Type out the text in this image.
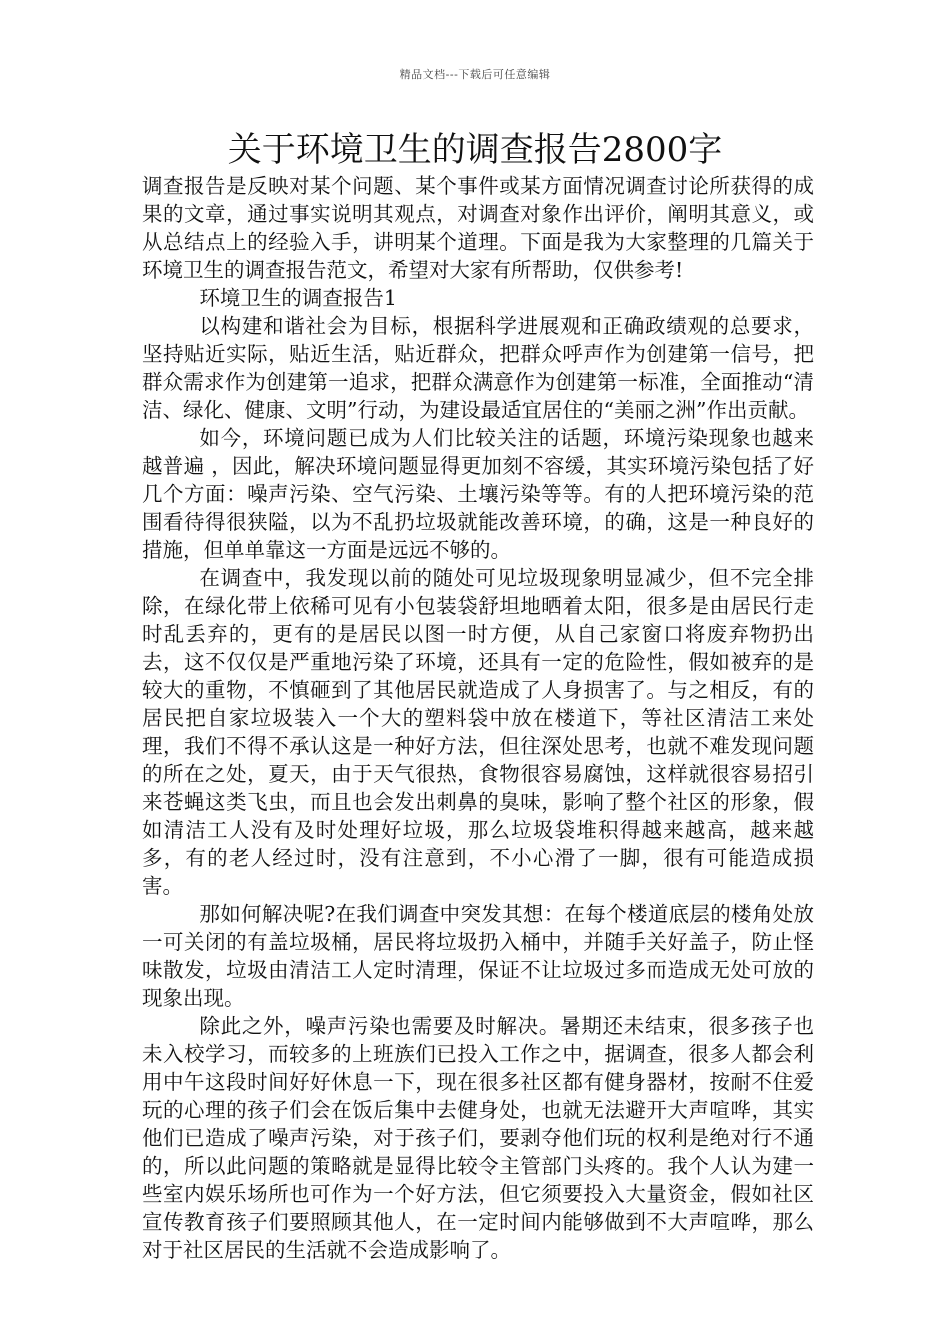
精品文档---下载后可任意编辑
关于环境卫生的调查报告2800字

调查报告是反映对某个问题、某个事件或某方面情况调查讨论所获得的成果的文章，通过事实说明其观点，对调查对象作出评价，阐明其意义，或从总结点上的经验入手，讲明某个道理。下面是我为大家整理的几篇关于环境卫生的调查报告范文，希望对大家有所帮助，仅供参考!

环境卫生的调查报告1

以构建和谐社会为目标，根据科学进展观和正确政绩观的总要求，坚持贴近实际，贴近生活，贴近群众，把群众呼声作为创建第一信号，把群众需求作为创建第一追求，把群众满意作为创建第一标准，全面推动“清洁、绿化、健康、文明”行动，为建设最适宜居住的“美丽之洲”作出贡献。

如今，环境问题已成为人们比较关注的话题，环境污染现象也越来越普遍 ，因此，解决环境问题显得更加刻不容缓，其实环境污染包括了好几个方面：噪声污染、空气污染、土壤污染等等。有的人把环境污染的范围看待得很狭隘，以为不乱扔垃圾就能改善环境，的确，这是一种良好的措施，但单单靠这一方面是远远不够的。

在调查中，我发现以前的随处可见垃圾现象明显减少，但不完全排除，在绿化带上依稀可见有小包装袋舒坦地晒着太阳，很多是由居民行走时乱丢弃的，更有的是居民以图一时方便，从自己家窗口将废弃物扔出去，这不仅仅是严重地污染了环境，还具有一定的危险性，假如被弃的是较大的重物，不慎砸到了其他居民就造成了人身损害了。与之相反，有的居民把自家垃圾装入一个大的塑料袋中放在楼道下，等社区清洁工来处理，我们不得不承认这是一种好方法，但往深处思考，也就不难发现问题的所在之处，夏天，由于天气很热，食物很容易腐蚀，这样就很容易招引来苍蝇这类飞虫，而且也会发出刺鼻的臭味，影响了整个社区的形象，假如清洁工人没有及时处理好垃圾，那么垃圾袋堆积得越来越高，越来越多，有的老人经过时，没有注意到，不小心滑了一脚，很有可能造成损害。

那如何解决呢?在我们调查中突发其想：在每个楼道底层的楼角处放一可关闭的有盖垃圾桶，居民将垃圾扔入桶中，并随手关好盖子，防止怪味散发，垃圾由清洁工人定时清理，保证不让垃圾过多而造成无处可放的现象出现。

除此之外，噪声污染也需要及时解决。暑期还未结束，很多孩子也未入校学习，而较多的上班族们已投入工作之中，据调查，很多人都会利用中午这段时间好好休息一下，现在很多社区都有健身器材，按耐不住爱玩的心理的孩子们会在饭后集中去健身处，也就无法避开大声喧哗，其实他们已造成了噪声污染，对于孩子们，要剥夺他们玩的权利是绝对行不通的，所以此问题的策略就是显得比较令主管部门头疼的。我个人认为建一些室内娱乐场所也可作为一个好方法，但它须要投入大量资金，假如社区宣传教育孩子们要照顾其他人，在一定时间内能够做到不大声喧哗，那么对于社区居民的生活就不会造成影响了。
